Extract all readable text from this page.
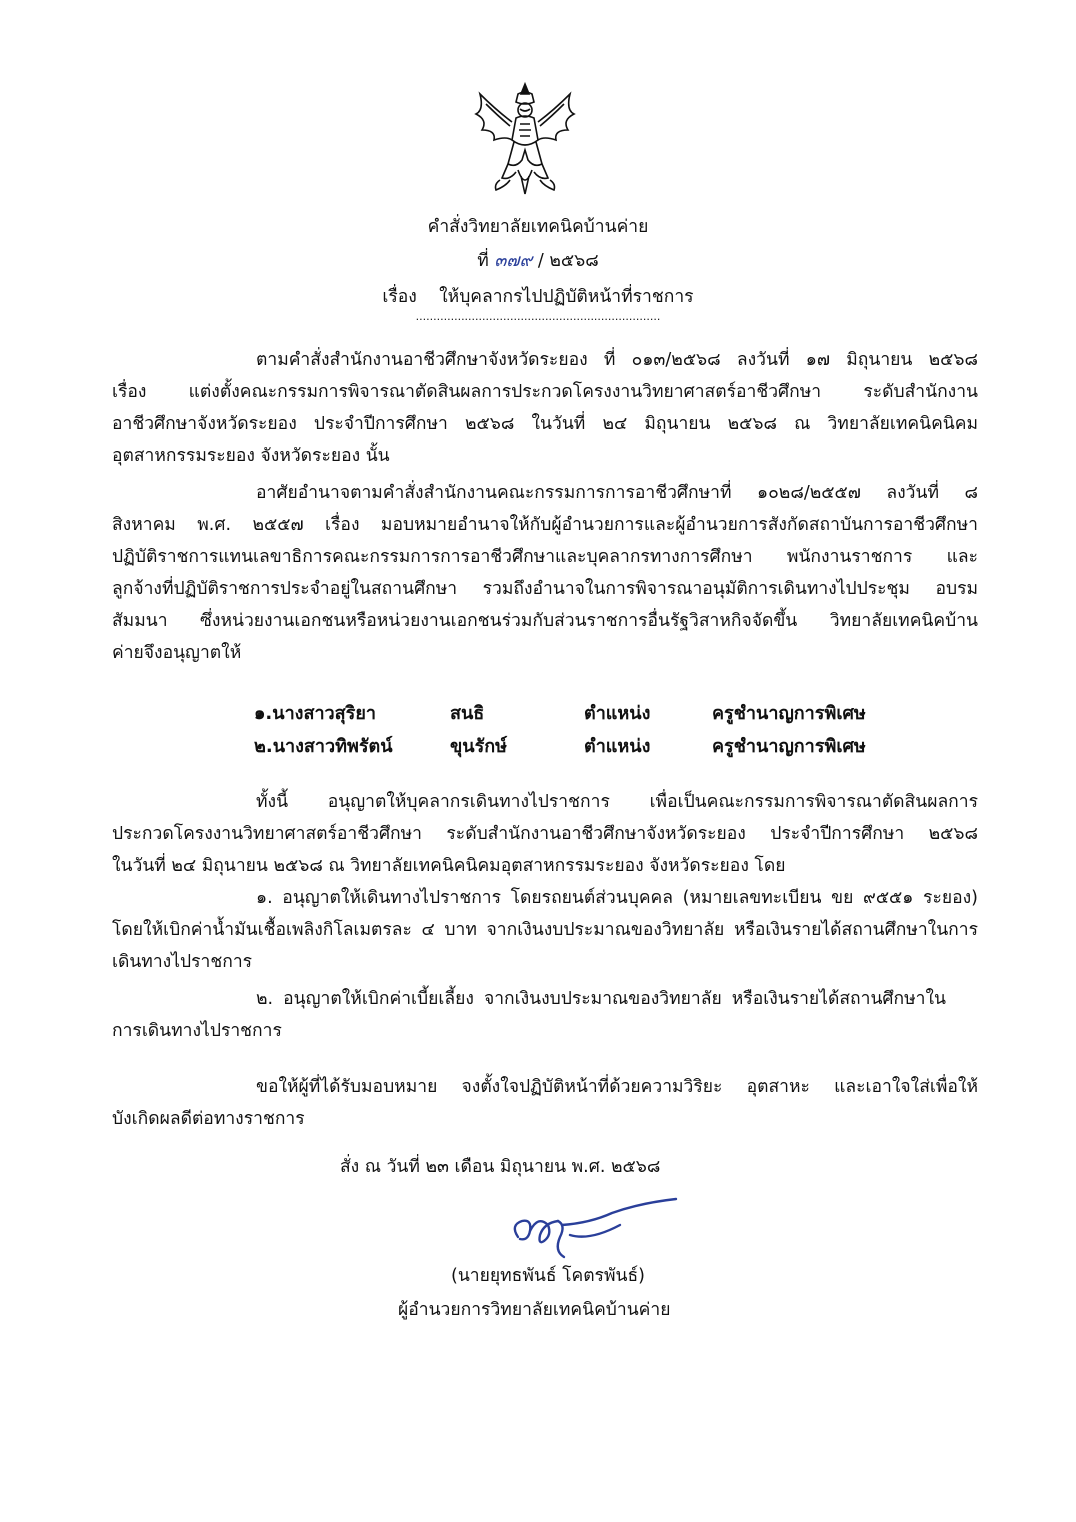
คำสั่งวิทยาลัยเทคนิคบ้านค่าย
ที่ ๓๗๙ / ๒๕๖๘
เรื่อง ให้บุคลากรไปปฏิบัติหน้าที่ราชการ
......................................................................
ตามคำสั่งสำนักงานอาชีวศึกษาจังหวัดระยอง ที่ ๐๑๓/๒๕๖๘ ลงวันที่ ๑๗ มิถุนายน ๒๕๖๘
เรื่อง แต่งตั้งคณะกรรมการพิจารณาตัดสินผลการประกวดโครงงานวิทยาศาสตร์อาชีวศึกษา ระดับสำนักงาน
อาชีวศึกษาจังหวัดระยอง ประจำปีการศึกษา ๒๕๖๘ ในวันที่ ๒๔ มิถุนายน ๒๕๖๘ ณ วิทยาลัยเทคนิคนิคม
อุตสาหกรรมระยอง จังหวัดระยอง นั้น
อาศัยอำนาจตามคำสั่งสำนักงานคณะกรรมการการอาชีวศึกษาที่ ๑๐๒๘/๒๕๕๗ ลงวันที่ ๘
สิงหาคม พ.ศ. ๒๕๕๗ เรื่อง มอบหมายอำนาจให้กับผู้อำนวยการและผู้อำนวยการสังกัดสถาบันการอาชีวศึกษา
ปฏิบัติราชการแทนเลขาธิการคณะกรรมการการอาชีวศึกษาและบุคลากรทางการศึกษา พนักงานราชการ และ
ลูกจ้างที่ปฏิบัติราชการประจำอยู่ในสถานศึกษา รวมถึงอำนาจในการพิจารณาอนุมัติการเดินทางไปประชุม อบรม
สัมมนา ซึ่งหน่วยงานเอกชนหรือหน่วยงานเอกชนร่วมกับส่วนราชการอื่นรัฐวิสาหกิจจัดขึ้น วิทยาลัยเทคนิคบ้าน
ค่ายจึงอนุญาตให้
๑.นางสาวสุริยา	สนธิ	ตำแหน่ง	ครูชำนาญการพิเศษ
๒.นางสาวทิพรัตน์	ขุนรักษ์	ตำแหน่ง	ครูชำนาญการพิเศษ
ทั้งนี้ อนุญาตให้บุคลากรเดินทางไปราชการ เพื่อเป็นคณะกรรมการพิจารณาตัดสินผลการ
ประกวดโครงงานวิทยาศาสตร์อาชีวศึกษา ระดับสำนักงานอาชีวศึกษาจังหวัดระยอง ประจำปีการศึกษา ๒๕๖๘
ในวันที่ ๒๔ มิถุนายน ๒๕๖๘ ณ วิทยาลัยเทคนิคนิคมอุตสาหกรรมระยอง จังหวัดระยอง โดย
๑. อนุญาตให้เดินทางไปราชการ โดยรถยนต์ส่วนบุคคล (หมายเลขทะเบียน ขย ๙๕๕๑ ระยอง)
โดยให้เบิกค่าน้ำมันเชื้อเพลิงกิโลเมตรละ ๔ บาท จากเงินงบประมาณของวิทยาลัย หรือเงินรายได้สถานศึกษาในการ
เดินทางไปราชการ
๒. อนุญาตให้เบิกค่าเบี้ยเลี้ยง จากเงินงบประมาณของวิทยาลัย หรือเงินรายได้สถานศึกษาใน
การเดินทางไปราชการ
ขอให้ผู้ที่ได้รับมอบหมาย จงตั้งใจปฏิบัติหน้าที่ด้วยความวิริยะ อุตสาหะ และเอาใจใส่เพื่อให้
บังเกิดผลดีต่อทางราชการ
สั่ง ณ วันที่ ๒๓ เดือน มิถุนายน พ.ศ. ๒๕๖๘
(นายยุทธพันธ์ โคตรพันธ์)
ผู้อำนวยการวิทยาลัยเทคนิคบ้านค่าย
